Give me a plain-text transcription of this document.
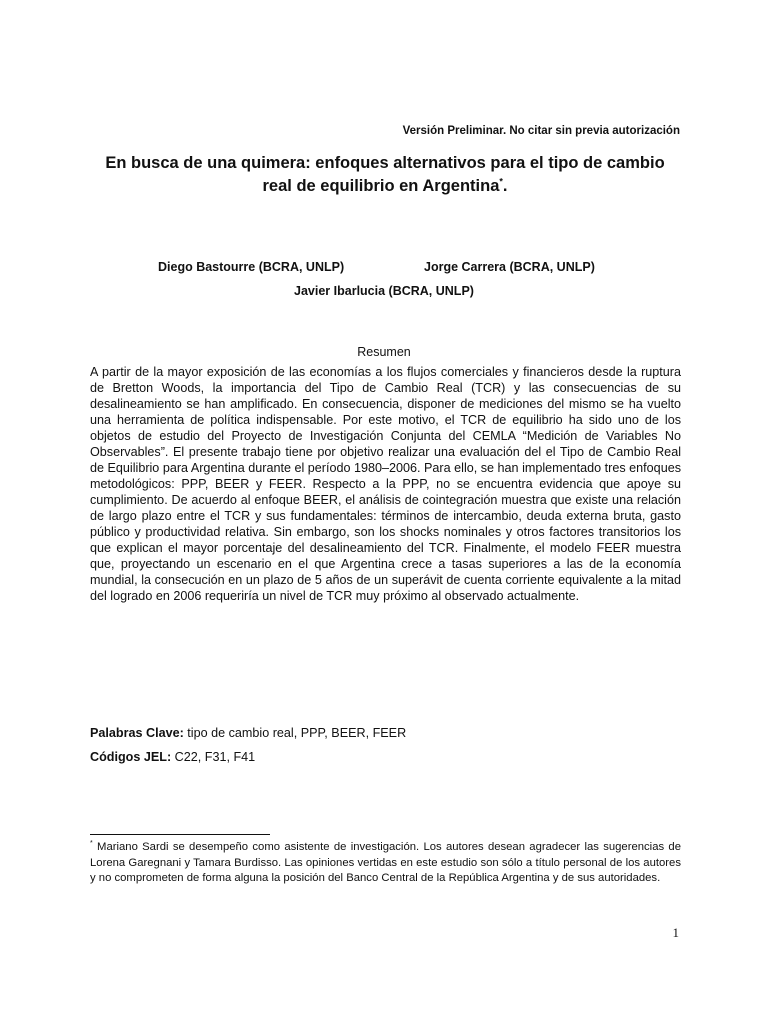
Versión Preliminar. No citar sin previa autorización
En busca de una quimera: enfoques alternativos para el tipo de cambio real de equilibrio en Argentina*.
Diego Bastourre (BCRA, UNLP)	Jorge Carrera (BCRA, UNLP)
Javier Ibarlucia (BCRA, UNLP)
Resumen
A partir de la mayor exposición de las economías a los flujos comerciales y financieros desde la ruptura de Bretton Woods, la importancia del Tipo de Cambio Real (TCR) y las consecuencias de su desalineamiento se han amplificado. En consecuencia, disponer de mediciones del mismo se ha vuelto una herramienta de política indispensable. Por este motivo, el TCR de equilibrio ha sido uno de los objetos de estudio del Proyecto de Investigación Conjunta del CEMLA “Medición de Variables No Observables”. El presente trabajo tiene por objetivo realizar una evaluación del el Tipo de Cambio Real de Equilibrio para Argentina durante el período 1980–2006. Para ello, se han implementado tres enfoques metodológicos: PPP, BEER y FEER. Respecto a la PPP, no se encuentra evidencia que apoye su cumplimiento. De acuerdo al enfoque BEER, el análisis de cointegración muestra que existe una relación de largo plazo entre el TCR y sus fundamentales: términos de intercambio, deuda externa bruta, gasto público y productividad relativa. Sin embargo, son los shocks nominales y otros factores transitorios los que explican el mayor porcentaje del desalineamiento del TCR. Finalmente, el modelo FEER muestra que, proyectando un escenario en el que Argentina crece a tasas superiores a las de la economía mundial, la consecución en un plazo de 5 años de un superávit de cuenta corriente equivalente a la mitad del logrado en 2006 requeriría un nivel de TCR muy próximo al observado actualmente.
Palabras Clave: tipo de cambio real, PPP, BEER, FEER
Códigos JEL: C22, F31, F41
* Mariano Sardi se desempeño como asistente de investigación. Los autores desean agradecer las sugerencias de Lorena Garegnani y Tamara Burdisso. Las opiniones vertidas en este estudio son sólo a título personal de los autores y no comprometen de forma alguna la posición del Banco Central de la República Argentina y de sus autoridades.
1
